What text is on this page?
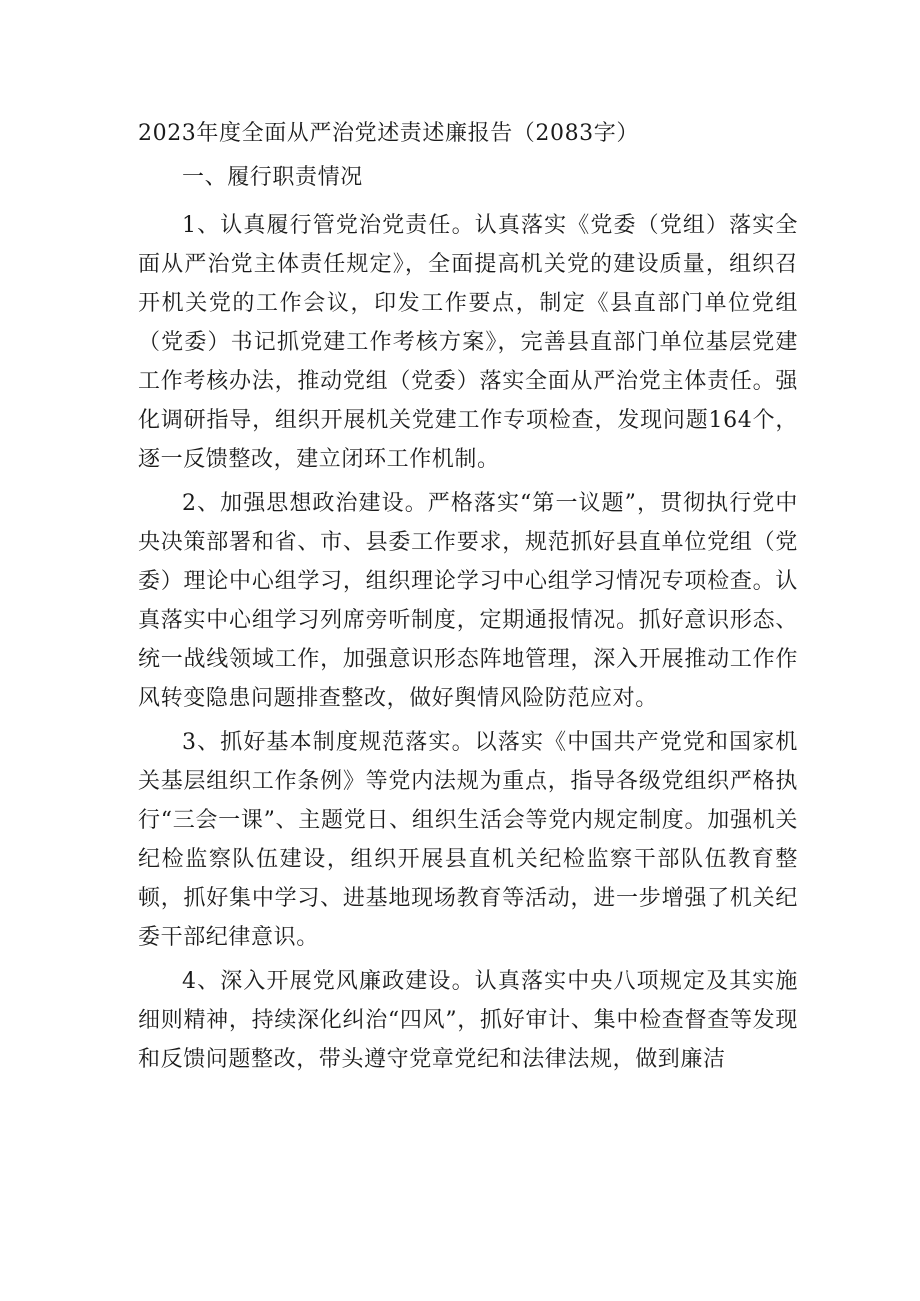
2023年度全面从严治党述责述廉报告（2083字）

一、履行职责情况

1、认真履行管党治党责任。认真落实《党委（党组）落实全面从严治党主体责任规定》，全面提高机关党的建设质量，组织召开机关党的工作会议，印发工作要点，制定《县直部门单位党组（党委）书记抓党建工作考核方案》，完善县直部门单位基层党建工作考核办法，推动党组（党委）落实全面从严治党主体责任。强化调研指导，组织开展机关党建工作专项检查，发现问题164个，逐一反馈整改，建立闭环工作机制。

2、加强思想政治建设。严格落实“第一议题”，贯彻执行党中央决策部署和省、市、县委工作要求，规范抓好县直单位党组（党委）理论中心组学习，组织理论学习中心组学习情况专项检查。认真落实中心组学习列席旁听制度，定期通报情况。抓好意识形态、统一战线领域工作，加强意识形态阵地管理，深入开展推动工作作风转变隐患问题排查整改，做好舆情风险防范应对。

3、抓好基本制度规范落实。以落实《中国共产党党和国家机关基层组织工作条例》等党内法规为重点，指导各级党组织严格执行“三会一课”、主题党日、组织生活会等党内规定制度。加强机关纪检监察队伍建设，组织开展县直机关纪检监察干部队伍教育整顿，抓好集中学习、进基地现场教育等活动，进一步增强了机关纪委干部纪律意识。

4、深入开展党风廉政建设。认真落实中央八项规定及其实施细则精神，持续深化纠治“四风”，抓好审计、集中检查督查等发现和反馈问题整改，带头遵守党章党纪和法律法规，做到廉洁
